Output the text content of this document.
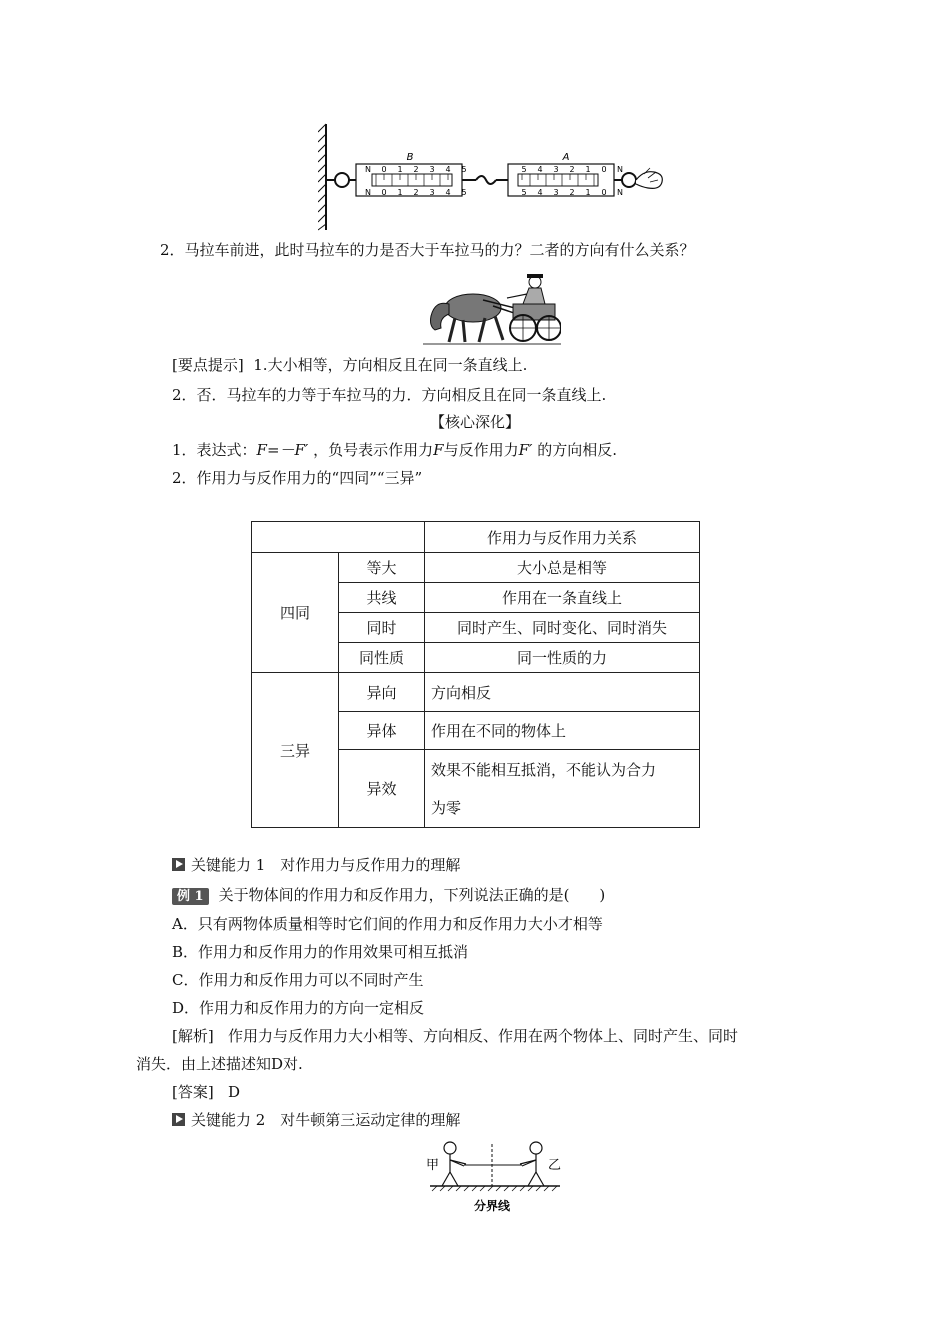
B
N 0 1 2 3 4 5
N 0 1 2 3 4 5
A
5 4 3 2 1 0 N
5 4 3 2 1 0 N
2．马拉车前进，此时马拉车的力是否大于车拉马的力？二者的方向有什么关系？
[要点提示] 1.大小相等，方向相反且在同一条直线上.
2．否．马拉车的力等于车拉马的力．方向相反且在同一条直线上.
【核心深化】
1．表达式：F=－F′ ，负号表示作用力F与反作用力F′ 的方向相反.
2．作用力与反作用力的“四同”“三异”
		作用力与反作用力关系
四同	等大	大小总是相等
	共线	作用在一条直线上
	同时	同时产生、同时变化、同时消失
	同性质	同一性质的力
三异	异向	方向相反
	异体	作用在不同的物体上
	异效	效果不能相互抵消，不能认为合力
为零
关键能力 1　对作用力与反作用力的理解
例 1 关于物体间的作用力和反作用力，下列说法正确的是(　　)
A．只有两物体质量相等时它们间的作用力和反作用力大小才相等
B．作用力和反作用力的作用效果可相互抵消
C．作用力和反作用力可以不同时产生
D．作用力和反作用力的方向一定相反
[解析] 作用力与反作用力大小相等、方向相反、作用在两个物体上、同时产生、同时
消失．由上述描述知D对.
[答案] D
关键能力 2　对牛顿第三运动定律的理解
甲	乙
分界线
